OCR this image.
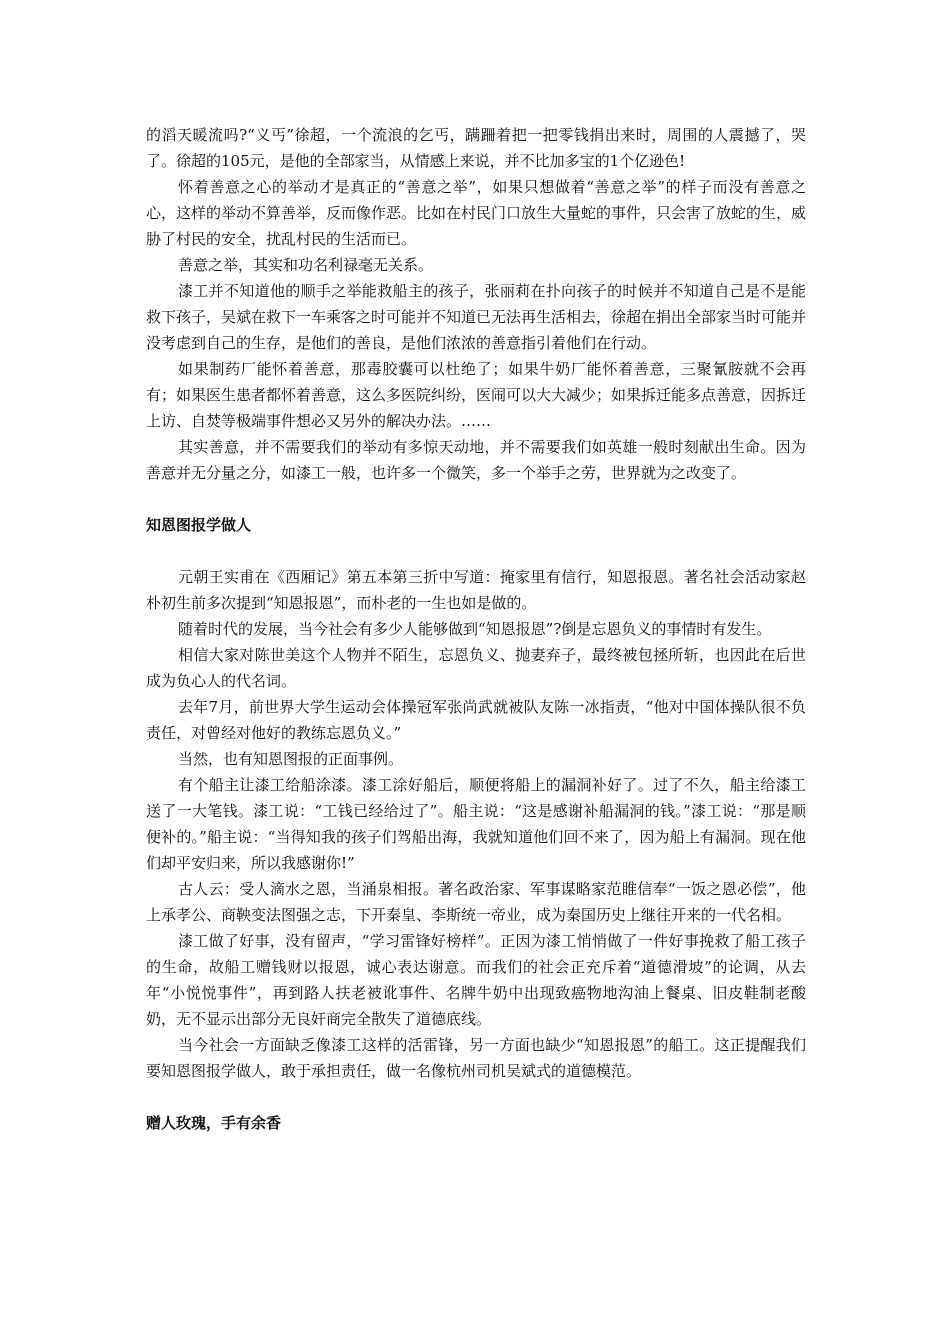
的滔天暖流吗?“义丐”徐超，一个流浪的乞丐，蹒跚着把一把零钱捐出来时，周围的人震撼了，哭了。徐超的105元，是他的全部家当，从情感上来说，并不比加多宝的1个亿逊色!

怀着善意之心的举动才是真正的“善意之举”，如果只想做着“善意之举”的样子而没有善意之心，这样的举动不算善举，反而像作恶。比如在村民门口放生大量蛇的事件，只会害了放蛇的生，威胁了村民的安全，扰乱村民的生活而已。

善意之举，其实和功名利禄毫无关系。

漆工并不知道他的顺手之举能救船主的孩子，张丽莉在扑向孩子的时候并不知道自己是不是能救下孩子，吴斌在救下一车乘客之时可能并不知道已无法再生活相去，徐超在捐出全部家当时可能并没考虑到自己的生存，是他们的善良，是他们浓浓的善意指引着他们在行动。

如果制药厂能怀着善意，那毒胶囊可以杜绝了；如果牛奶厂能怀着善意，三聚氰胺就不会再有；如果医生患者都怀着善意，这么多医院纠纷，医闹可以大大减少；如果拆迁能多点善意，因拆迁上访、自焚等极端事件想必又另外的解决办法。……

其实善意，并不需要我们的举动有多惊天动地，并不需要我们如英雄一般时刻献出生命。因为善意并无分量之分，如漆工一般，也许多一个微笑，多一个举手之劳，世界就为之改变了。

知恩图报学做人

元朝王实甫在《西厢记》第五本第三折中写道：掩家里有信行，知恩报恩。著名社会活动家赵朴初生前多次提到“知恩报恩”，而朴老的一生也如是做的。

随着时代的发展，当今社会有多少人能够做到“知恩报恩”?倒是忘恩负义的事情时有发生。

相信大家对陈世美这个人物并不陌生，忘恩负义、抛妻弃子，最终被包拯所斩，也因此在后世成为负心人的代名词。

去年7月，前世界大学生运动会体操冠军张尚武就被队友陈一冰指责，“他对中国体操队很不负责任，对曾经对他好的教练忘恩负义。”

当然，也有知恩图报的正面事例。

有个船主让漆工给船涂漆。漆工涂好船后，顺便将船上的漏洞补好了。过了不久，船主给漆工送了一大笔钱。漆工说：“工钱已经给过了”。船主说：“这是感谢补船漏洞的钱。”漆工说：“那是顺便补的。”船主说：“当得知我的孩子们驾船出海，我就知道他们回不来了，因为船上有漏洞。现在他们却平安归来，所以我感谢你!”

古人云：受人滴水之恩，当涌泉相报。著名政治家、军事谋略家范睢信奉“一饭之恩必偿”，他上承孝公、商鞅变法图强之志，下开秦皇、李斯统一帝业，成为秦国历史上继往开来的一代名相。

漆工做了好事，没有留声，“学习雷锋好榜样”。正因为漆工悄悄做了一件好事挽救了船工孩子的生命，故船工赠钱财以报恩，诚心表达谢意。而我们的社会正充斥着“道德滑坡”的论调，从去年“小悦悦事件”，再到路人扶老被讹事件、名牌牛奶中出现致癌物地沟油上餐桌、旧皮鞋制老酸奶，无不显示出部分无良奸商完全散失了道德底线。

当今社会一方面缺乏像漆工这样的活雷锋，另一方面也缺少“知恩报恩”的船工。这正提醒我们要知恩图报学做人，敢于承担责任，做一名像杭州司机吴斌式的道德模范。

赠人玫瑰，手有余香
